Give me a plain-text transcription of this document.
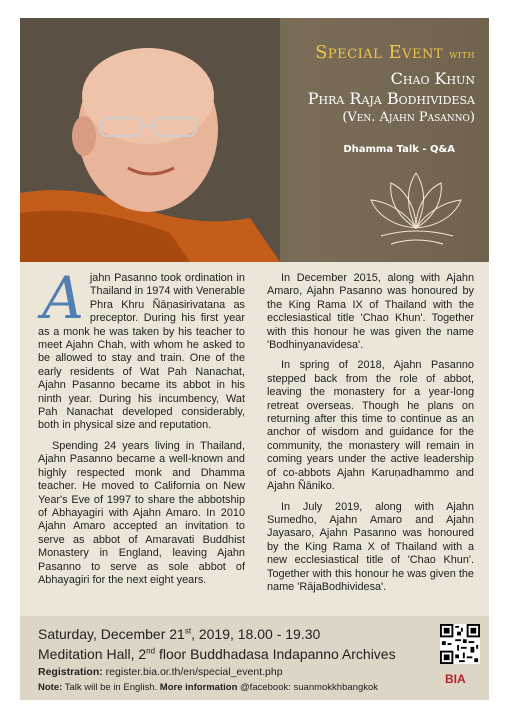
Special Event with
Chao Khun
Phra Raja Bodhividesa
(Ven. Ajahn Pasanno)
Dhamma Talk - Q&A

Ajahn Pasanno took ordination in Thailand in 1974 with Venerable Phra Khru Ñāṇasirivatana as preceptor. During his first year as a monk he was taken by his teacher to meet Ajahn Chah, with whom he asked to be allowed to stay and train. One of the early residents of Wat Pah Nanachat, Ajahn Pasanno became its abbot in his ninth year. During his incumbency, Wat Pah Nanachat developed considerably, both in physical size and reputation.

Spending 24 years living in Thailand, Ajahn Pasanno became a well-known and highly respected monk and Dhamma teacher. He moved to California on New Year's Eve of 1997 to share the abbotship of Abhayagiri with Ajahn Amaro. In 2010 Ajahn Amaro accepted an invitation to serve as abbot of Amaravati Buddhist Monastery in England, leaving Ajahn Pasanno to serve as sole abbot of Abhayagiri for the next eight years.

In December 2015, along with Ajahn Amaro, Ajahn Pasanno was honoured by the King Rama IX of Thailand with the ecclesiastical title 'Chao Khun'. Together with this honour he was given the name 'Bodhinyanavidesa'.

In spring of 2018, Ajahn Pasanno stepped back from the role of abbot, leaving the monastery for a year-long retreat overseas. Though he plans on returning after this time to continue as an anchor of wisdom and guidance for the community, the monastery will remain in coming years under the active leadership of co-abbots Ajahn Karuṇadhammo and Ajahn Ñāniko.

In July 2019, along with Ajahn Sumedho, Ajahn Amaro and Ajahn Jayasaro, Ajahn Pasanno was honoured by the King Rama X of Thailand with a new ecclesiastical title of 'Chao Khun'. Together with this honour he was given the name 'RājaBodhividesa'.

Saturday, December 21st, 2019, 18.00 - 19.30
Meditation Hall, 2nd floor Buddhadasa Indapanno Archives
Registration: register.bia.or.th/en/special_event.php
Note: Talk will be in English. More information @facebook: suanmokkhbangkok
BIA
